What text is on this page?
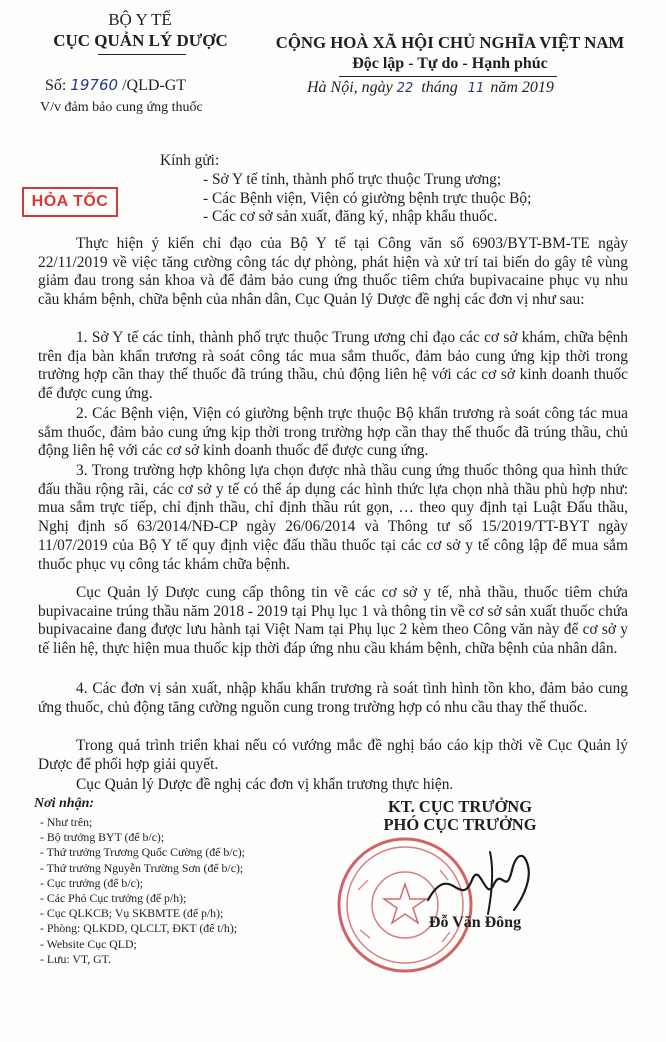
BỘ Y TẾ
CỤC QUẢN LÝ DƯỢC
Số: 19760 /QLD-GT
V/v đảm bảo cung ứng thuốc
CỘNG HOÀ XÃ HỘI CHỦ NGHĨA VIỆT NAM
Độc lập - Tự do - Hạnh phúc
Hà Nội, ngày 22 tháng 11 năm 2019
Kính gửi:
- Sở Y tế tỉnh, thành phố trực thuộc Trung ương;
- Các Bệnh viện, Viện có giường bệnh trực thuộc Bộ;
- Các cơ sở sản xuất, đăng ký, nhập khẩu thuốc.
HỎA TỐC
Thực hiện ý kiến chỉ đạo của Bộ Y tế tại Công văn số 6903/BYT-BM-TE ngày 22/11/2019 về việc tăng cường công tác dự phòng, phát hiện và xử trí tai biến do gây tê vùng giảm đau trong sản khoa và để đảm bảo cung ứng thuốc tiêm chứa bupivacaine phục vụ nhu cầu khám bệnh, chữa bệnh của nhân dân, Cục Quản lý Dược đề nghị các đơn vị như sau:
1. Sở Y tế các tỉnh, thành phố trực thuộc Trung ương chỉ đạo các cơ sở khám, chữa bệnh trên địa bàn khẩn trương rà soát công tác mua sắm thuốc, đảm bảo cung ứng kịp thời trong trường hợp cần thay thế thuốc đã trúng thầu, chủ động liên hệ với các cơ sở kinh doanh thuốc để được cung ứng.
2. Các Bệnh viện, Viện có giường bệnh trực thuộc Bộ khẩn trương rà soát công tác mua sắm thuốc, đảm bảo cung ứng kịp thời trong trường hợp cần thay thế thuốc đã trúng thầu, chủ động liên hệ với các cơ sở kinh doanh thuốc để được cung ứng.
3. Trong trường hợp không lựa chọn được nhà thầu cung ứng thuốc thông qua hình thức đấu thầu rộng rãi, các cơ sở y tế có thể áp dụng các hình thức lựa chọn nhà thầu phù hợp như: mua sắm trực tiếp, chỉ định thầu, chỉ định thầu rút gọn, … theo quy định tại Luật Đấu thầu, Nghị định số 63/2014/NĐ-CP ngày 26/06/2014 và Thông tư số 15/2019/TT-BYT ngày 11/07/2019 của Bộ Y tế quy định việc đấu thầu thuốc tại các cơ sở y tế công lập để mua sắm thuốc phục vụ công tác khám chữa bệnh.
Cục Quản lý Dược cung cấp thông tin về các cơ sở y tế, nhà thầu, thuốc tiêm chứa bupivacaine trúng thầu năm 2018 - 2019 tại Phụ lục 1 và thông tin về cơ sở sản xuất thuốc chứa bupivacaine đang được lưu hành tại Việt Nam tại Phụ lục 2 kèm theo Công văn này để cơ sở y tế liên hệ, thực hiện mua thuốc kịp thời đáp ứng nhu cầu khám bệnh, chữa bệnh của nhân dân.
4. Các đơn vị sản xuất, nhập khẩu khẩn trương rà soát tình hình tồn kho, đảm bảo cung ứng thuốc, chủ động tăng cường nguồn cung trong trường hợp có nhu cầu thay thế thuốc.
Trong quá trình triển khai nếu có vướng mắc đề nghị báo cáo kịp thời về Cục Quản lý Dược để phối hợp giải quyết.
Cục Quản lý Dược đề nghị các đơn vị khẩn trương thực hiện.
Nơi nhận:
- Như trên;
- Bộ trưởng BYT (để b/c);
- Thứ trưởng Trương Quốc Cường (để b/c);
- Thứ trưởng Nguyễn Trường Sơn (để b/c);
- Cục trưởng (để b/c);
- Các Phó Cục trưởng (để p/h);
- Cục QLKCB; Vụ SKBMTE (để p/h);
- Phòng: QLKDD, QLCLT, ĐKT (để t/h);
- Website Cục QLD;
- Lưu: VT, GT.
KT. CỤC TRƯỞNG
PHÓ CỤC TRƯỞNG
Đỗ Văn Đông
